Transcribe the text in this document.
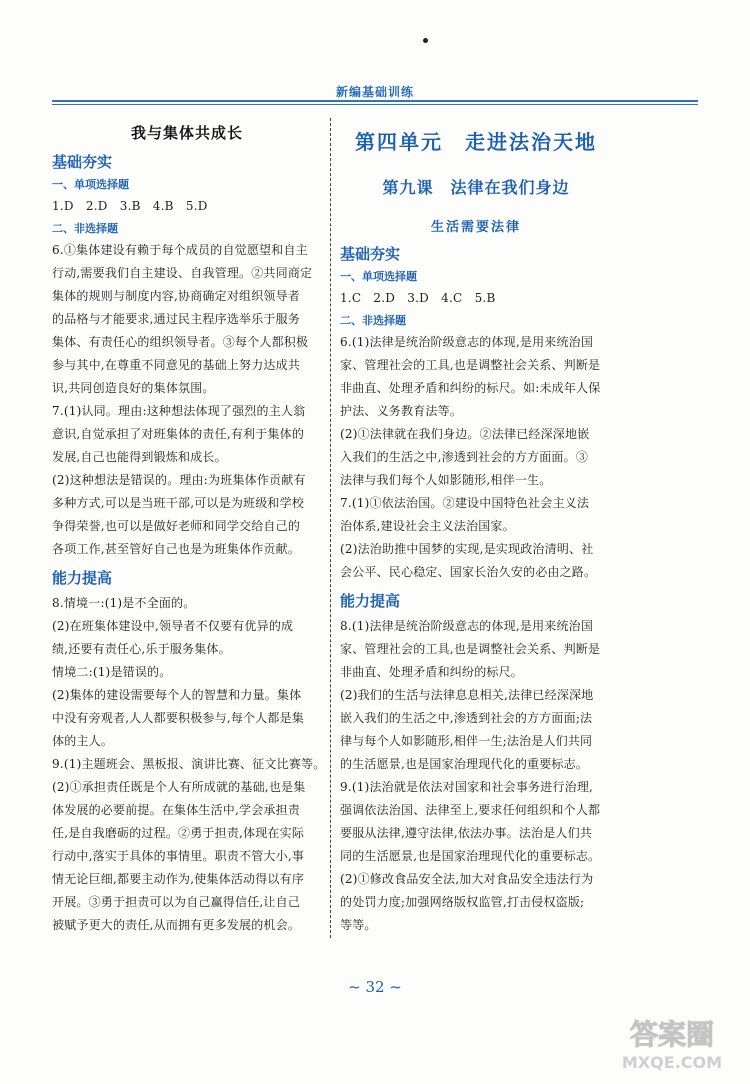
新编基础训练
我与集体共成长
基础夯实
一、单项选择题
1.D　2.D　3.B　4.B　5.D
二、非选择题
6.①集体建设有赖于每个成员的自觉愿望和自主
行动,需要我们自主建设、自我管理。②共同商定
集体的规则与制度内容,协商确定对组织领导者
的品格与才能要求,通过民主程序选举乐于服务
集体、有责任心的组织领导者。③每个人都积极
参与其中,在尊重不同意见的基础上努力达成共
识,共同创造良好的集体氛围。
7.(1)认同。理由:这种想法体现了强烈的主人翁
意识,自觉承担了对班集体的责任,有利于集体的
发展,自己也能得到锻炼和成长。
(2)这种想法是错误的。理由:为班集体作贡献有
多种方式,可以是当班干部,可以是为班级和学校
争得荣誉,也可以是做好老师和同学交给自己的
各项工作,甚至管好自己也是为班集体作贡献。
能力提高
8.情境一:(1)是不全面的。
(2)在班集体建设中,领导者不仅要有优异的成
绩,还要有责任心,乐于服务集体。
情境二:(1)是错误的。
(2)集体的建设需要每个人的智慧和力量。集体
中没有旁观者,人人都要积极参与,每个人都是集
体的主人。
9.(1)主题班会、黑板报、演讲比赛、征文比赛等。
(2)①承担责任既是个人有所成就的基础,也是集
体发展的必要前提。在集体生活中,学会承担责
任,是自我磨砺的过程。②勇于担责,体现在实际
行动中,落实于具体的事情里。职责不管大小,事
情无论巨细,都要主动作为,使集体活动得以有序
开展。③勇于担责可以为自己赢得信任,让自己
被赋予更大的责任,从而拥有更多发展的机会。
第四单元　走进法治天地
第九课　法律在我们身边
生活需要法律
基础夯实
一、单项选择题
1.C　2.D　3.D　4.C　5.B
二、非选择题
6.(1)法律是统治阶级意志的体现,是用来统治国
家、管理社会的工具,也是调整社会关系、判断是
非曲直、处理矛盾和纠纷的标尺。如:未成年人保
护法、义务教育法等。
(2)①法律就在我们身边。②法律已经深深地嵌
入我们的生活之中,渗透到社会的方方面面。③
法律与我们每个人如影随形,相伴一生。
7.(1)①依法治国。②建设中国特色社会主义法
治体系,建设社会主义法治国家。
(2)法治助推中国梦的实现,是实现政治清明、社
会公平、民心稳定、国家长治久安的必由之路。
能力提高
8.(1)法律是统治阶级意志的体现,是用来统治国
家、管理社会的工具,也是调整社会关系、判断是
非曲直、处理矛盾和纠纷的标尺。
(2)我们的生活与法律息息相关,法律已经深深地
嵌入我们的生活之中,渗透到社会的方方面面;法
律与每个人如影随形,相伴一生;法治是人们共同
的生活愿景,也是国家治理现代化的重要标志。
9.(1)法治就是依法对国家和社会事务进行治理,
强调依法治国、法律至上,要求任何组织和个人都
要服从法律,遵守法律,依法办事。法治是人们共
同的生活愿景,也是国家治理现代化的重要标志。
(2)①修改食品安全法,加大对食品安全违法行为
的处罚力度;加强网络版权监管,打击侵权盗版;
等等。
~ 32 ~
答案圈
MXQE.COM
